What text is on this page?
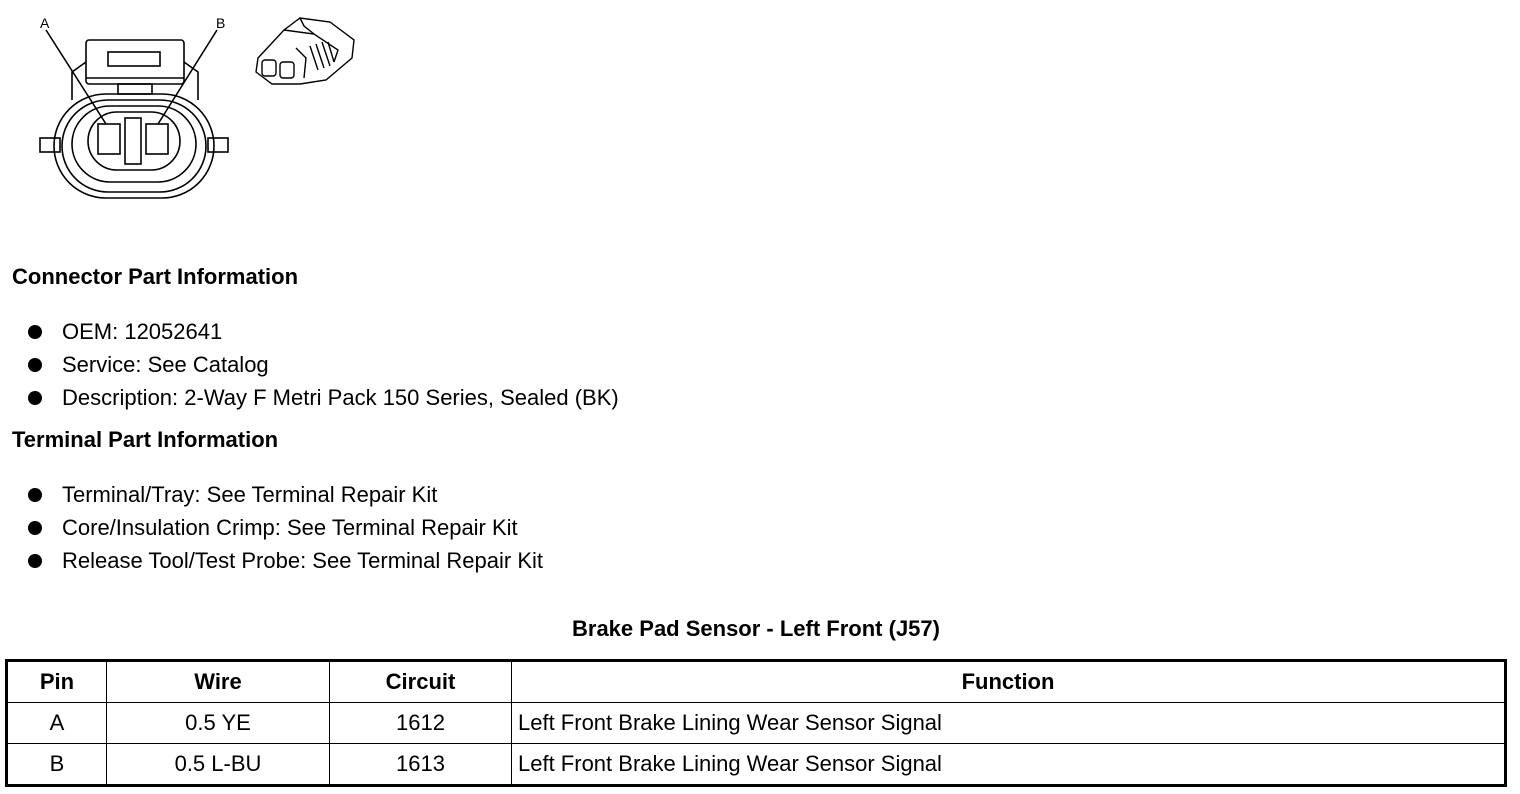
A	B
Connector Part Information
OEM: 12052641
Service: See Catalog
Description: 2-Way F Metri Pack 150 Series, Sealed (BK)
Terminal Part Information
Terminal/Tray: See Terminal Repair Kit
Core/Insulation Crimp: See Terminal Repair Kit
Release Tool/Test Probe: See Terminal Repair Kit
Brake Pad Sensor - Left Front (J57)
Pin	Wire	Circuit	Function
A	0.5 YE	1612	Left Front Brake Lining Wear Sensor Signal
B	0.5 L-BU	1613	Left Front Brake Lining Wear Sensor Signal
